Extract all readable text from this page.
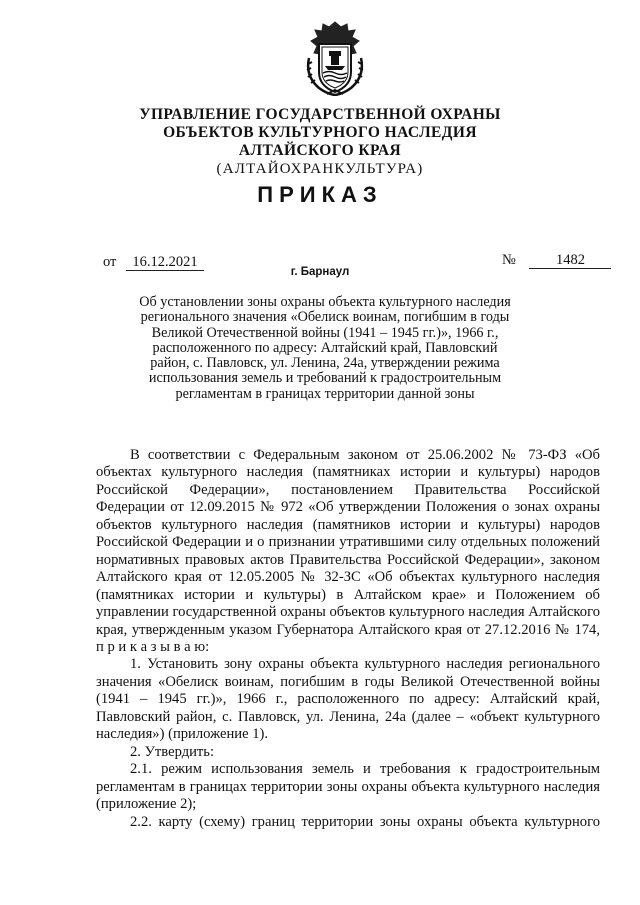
УПРАВЛЕНИЕ ГОСУДАРСТВЕННОЙ ОХРАНЫ
ОБЪЕКТОВ КУЛЬТУРНОГО НАСЛЕДИЯ
АЛТАЙСКОГО КРАЯ
(АЛТАЙОХРАНКУЛЬТУРА)
ПРИКАЗ
от 16.12.2021	№	1482
г. Барнаул
Об установлении зоны охраны объекта культурного наследия
регионального значения «Обелиск воинам, погибшим в годы
Великой Отечественной войны (1941 – 1945 гг.)», 1966 г.,
расположенного по адресу: Алтайский край, Павловский
район, с. Павловск, ул. Ленина, 24а, утверждении режима
использования земель и требований к градостроительным
регламентам в границах территории данной зоны

В соответствии с Федеральным законом от 25.06.2002 № 73-ФЗ «Об объектах культурного наследия (памятниках истории и культуры) народов Российской Федерации», постановлением Правительства Российской Федерации от 12.09.2015 № 972 «Об утверждении Положения о зонах охраны объектов культурного наследия (памятников истории и культуры) народов Российской Федерации и о признании утратившими силу отдельных положений нормативных правовых актов Правительства Российской Федерации», законом Алтайского края от 12.05.2005 № 32-ЗС «Об объектах культурного наследия (памятниках истории и культуры) в Алтайском крае» и Положением об управлении государственной охраны объектов культурного наследия Алтайского края, утвержденным указом Губернатора Алтайского края от 27.12.2016 № 174, п р и к а з ы в а ю:

1. Установить зону охраны объекта культурного наследия регионального значения «Обелиск воинам, погибшим в годы Великой Отечественной войны (1941 – 1945 гг.)», 1966 г., расположенного по адресу: Алтайский край, Павловский район, с. Павловск, ул. Ленина, 24а (далее – «объект культурного наследия») (приложение 1).

2. Утвердить:

2.1. режим использования земель и требования к градостроительным регламентам в границах территории зоны охраны объекта культурного наследия (приложение 2);

2.2. карту (схему) границ территории зоны охраны объекта культурного
